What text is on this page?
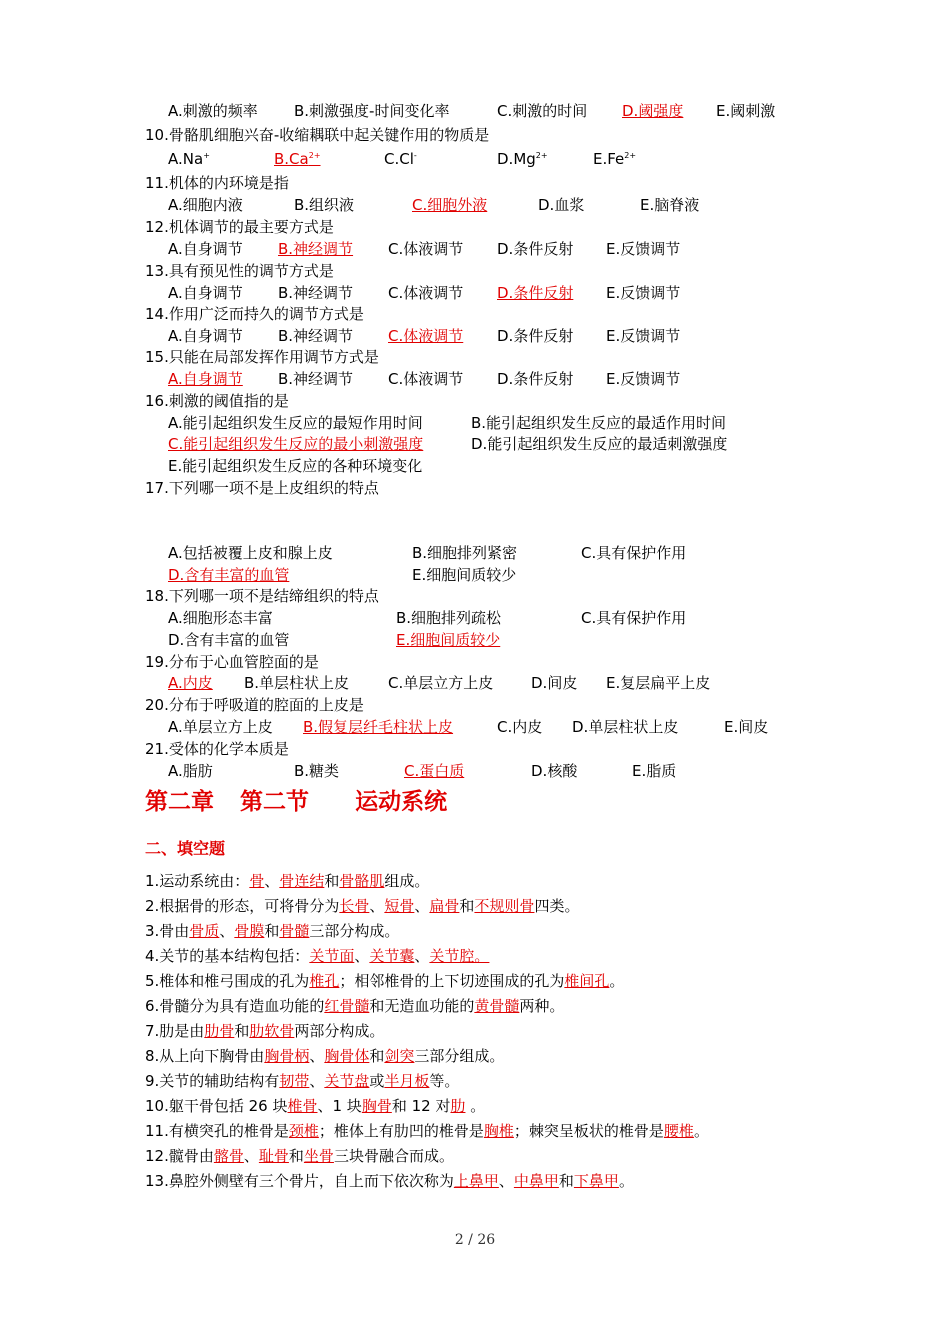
A.刺激的频率 B.刺激强度-时间变化率	C.刺激的时间 D.阈强度 E.阈刺激
10.骨骼肌细胞兴奋-收缩耦联中起关键作用的物质是
A.Na+	$B.Ca^{2+}$	C.Cl-	$D.Mg^{2+}$	$E.Fe^{2+}$
11.机体的内环境是指
A.细胞内液	B.组织液	C.细胞外液	D.血浆	E.脑脊液
12.机体调节的最主要方式是
A.自身调节 B.神经调节 C.体液调节 D.条件反射 E.反馈调节
13.具有预见性的调节方式是
A.自身调节 B.神经调节 C.体液调节 D.条件反射 E.反馈调节
14.作用广泛而持久的调节方式是
A.自身调节 B.神经调节 C.体液调节 D.条件反射 E.反馈调节
15.只能在局部发挥作用调节方式是
A.自身调节 B.神经调节 C.体液调节 D.条件反射 E.反馈调节
16.刺激的阈值指的是
A.能引起组织发生反应的最短作用时间	B.能引起组织发生反应的最适作用时间
C.能引起组织发生反应的最小刺激强度	D.能引起组织发生反应的最适刺激强度
E.能引起组织发生反应的各种环境变化
17.下列哪一项不是上皮组织的特点
A.包括被覆上皮和腺上皮	B.细胞排列紧密	C.具有保护作用
D.含有丰富的血管	E.细胞间质较少
18.下列哪一项不是结缔组织的特点
A.细胞形态丰富	B.细胞排列疏松	C.具有保护作用
D.含有丰富的血管	E.细胞间质较少
19.分布于心血管腔面的是
A.内皮 B.单层柱状上皮	C.单层立方上皮	D.间皮 E.复层扁平上皮
20.分布于呼吸道的腔面的上皮是
A.单层立方上皮 B.假复层纤毛柱状上皮	C.内皮 D.单层柱状上皮	E.间皮
21.受体的化学本质是
A.脂肪	B.糖类	C.蛋白质	D.核酸	E.脂质
第二章 第二节 运动系统
二、填空题
1.运动系统由：骨、骨连结和骨骼肌组成。
2.根据骨的形态，可将骨分为长骨、短骨、扁骨和不规则骨四类。
3.骨由骨质、骨膜和骨髓三部分构成。
4.关节的基本结构包括：关节面、关节囊、关节腔。
5.椎体和椎弓围成的孔为椎孔；相邻椎骨的上下切迹围成的孔为椎间孔。
6.骨髓分为具有造血功能的红骨髓和无造血功能的黄骨髓两种。
7.肋是由肋骨和肋软骨两部分构成。
8.从上向下胸骨由胸骨柄、胸骨体和剑突三部分组成。
9.关节的辅助结构有韧带、关节盘或半月板等。
10.躯干骨包括 26 块椎骨、1 块胸骨和 12 对肋 。
11.有横突孔的椎骨是颈椎；椎体上有肋凹的椎骨是胸椎；棘突呈板状的椎骨是腰椎。
12.髋骨由髂骨、耻骨和坐骨三块骨融合而成。
13.鼻腔外侧壁有三个骨片，自上而下依次称为上鼻甲、中鼻甲和下鼻甲。
2 / 26
